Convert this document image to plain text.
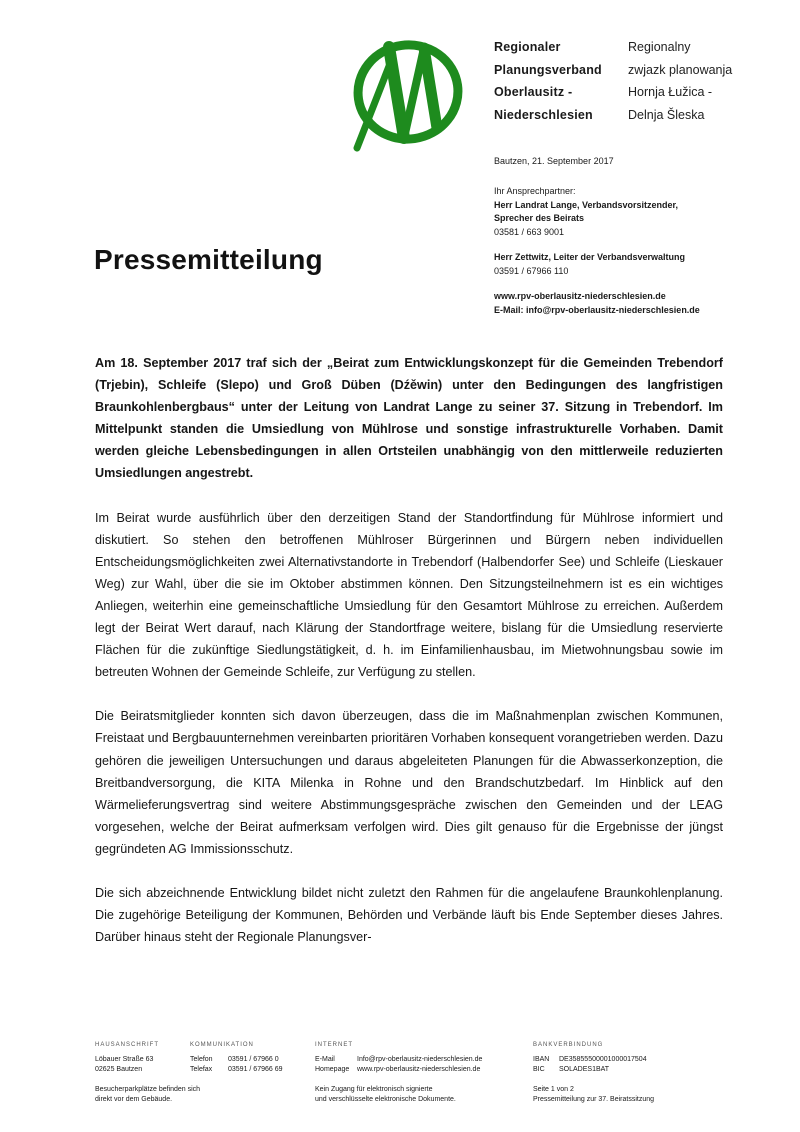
Regionaler
Planungsverband
Oberlausitz -
Niederschlesien
Regionalny
zwjazk planowanja
Hornja Łužica -
Delnja Šleska
Bautzen, 21. September 2017
Ihr Ansprechpartner:
Herr Landrat Lange, Verbandsvorsitzender,
Sprecher des Beirats
03581 / 663 9001
Herr Zettwitz, Leiter der Verbandsverwaltung
03591 / 67966 110
www.rpv-oberlausitz-niederschlesien.de
E-Mail: info@rpv-oberlausitz-niederschlesien.de
Pressemitteilung

Am 18. September 2017 traf sich der „Beirat zum Entwicklungskonzept für die Gemeinden Trebendorf (Trjebin), Schleife (Slepo) und Groß Düben (Dźěwin) unter den Bedingungen des langfristigen Braunkohlenbergbaus“ unter der Leitung von Landrat Lange zu seiner 37. Sitzung in Trebendorf. Im Mittelpunkt standen die Umsiedlung von Mühlrose und sonstige infrastrukturelle Vorhaben. Damit werden gleiche Lebensbedingungen in allen Ortsteilen unabhängig von den mittlerweile reduzierten Umsiedlungen angestrebt.

Im Beirat wurde ausführlich über den derzeitigen Stand der Standortfindung für Mühlrose informiert und diskutiert. So stehen den betroffenen Mühlroser Bürgerinnen und Bürgern neben individuellen Entscheidungsmöglichkeiten zwei Alternativstandorte in Trebendorf (Halbendorfer See) und Schleife (Lieskauer Weg) zur Wahl, über die sie im Oktober abstimmen können. Den Sitzungsteilnehmern ist es ein wichtiges Anliegen, weiterhin eine gemeinschaftliche Umsiedlung für den Gesamtort Mühlrose zu erreichen. Außerdem legt der Beirat Wert darauf, nach Klärung der Standortfrage weitere, bislang für die Umsiedlung reservierte Flächen für die zukünftige Siedlungstätigkeit, d. h. im Einfamilienhausbau, im Mietwohnungsbau sowie im betreuten Wohnen der Gemeinde Schleife, zur Verfügung zu stellen.

Die Beiratsmitglieder konnten sich davon überzeugen, dass die im Maßnahmenplan zwischen Kommunen, Freistaat und Bergbauunternehmen vereinbarten prioritären Vorhaben konsequent vorangetrieben werden. Dazu gehören die jeweiligen Untersuchungen und daraus abgeleiteten Planungen für die Abwasserkonzeption, die Breitbandversorgung, die KITA Milenka in Rohne und den Brandschutzbedarf. Im Hinblick auf den Wärmelieferungsvertrag sind weitere Abstimmungsgespräche zwischen den Gemeinden und der LEAG vorgesehen, welche der Beirat aufmerksam verfolgen wird. Dies gilt genauso für die Ergebnisse der jüngst gegründeten AG Immissionsschutz.

Die sich abzeichnende Entwicklung bildet nicht zuletzt den Rahmen für die angelaufene Braunkohlenplanung. Die zugehörige Beteiligung der Kommunen, Behörden und Verbände läuft bis Ende September dieses Jahres. Darüber hinaus steht der Regionale Planungsver-

HAUSANSCHRIFT
Löbauer Straße 63
02625 Bautzen
Besucherparkplätze befinden sich
direkt vor dem Gebäude.
KOMMUNIKATION
Telefon 03591 / 67966 0
Telefax 03591 / 67966 69
INTERNET
E-Mail	Info@rpv-oberlausitz-niederschlesien.de
Homepage www.rpv-oberlausitz-niederschlesien.de
Kein Zugang für elektronisch signierte
und verschlüsselte elektronische Dokumente.
BANKVERBINDUNG
IBAN DE35855500001000017504
BIC SOLADES1BAT
Seite 1 von 2
Pressemitteilung zur 37. Beiratssitzung
